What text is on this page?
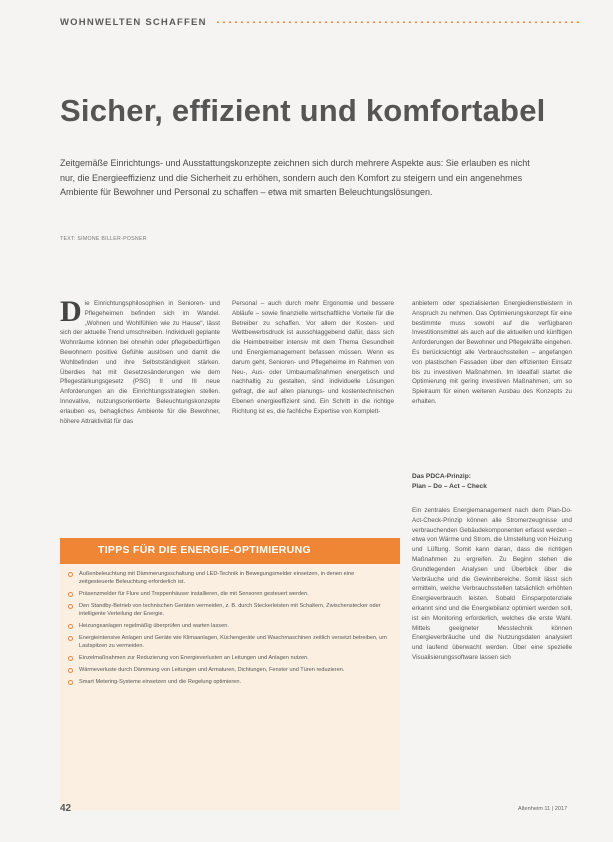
WOHNWELTEN SCHAFFEN
Sicher, effizient und komfortabel

Zeitgemäße Einrichtungs- und Ausstattungskonzepte zeichnen sich durch mehrere Aspekte aus: Sie erlauben es nicht nur, die Energieeffizienz und die Sicherheit zu erhöhen, sondern auch den Komfort zu steigern und ein angenehmes Ambiente für Bewohner und Personal zu schaffen – etwa mit smarten Beleuchtungslösungen.

TEXT: SIMONE BILLER-POSNER
D ie Einrichtungsphilosophien in Senioren- und Pflegeheimen befinden sich im Wandel. „Wohnen und Wohlfühlen wie zu Hause“, lässt sich der aktuelle Trend umschreiben. Individuell geplante Wohnräume können bei ohnehin oder pflegebedürftigen Bewohnern positive Gefühle auslösen und damit die Wohlbefinden und ihre Selbstständigkeit stärken. Überdies hat mit Gesetzesänderungen wie dem Pflegestärkungsgesetz (PSG) II und III neue Anforderungen an die Einrichtungsstrategien stellen. Innovative, nutzungsorientierte Beleuchtungskonzepte erlauben es, behagliches Ambiente für die Bewohner, höhere Attraktivität für das
Personal – auch durch mehr Ergonomie und bessere Abläufe – sowie finanzielle wirtschaftliche Vorteile für die Betreiber zu schaffen. Vor allem der Kosten- und Wettbewerbsdruck ist ausschlaggebend dafür, dass sich die Heimbetreiber intensiv mit dem Thema Gesundheit und Energiemanagement befassen müssen. Wenn es darum geht, Senioren- und Pflegeheime im Rahmen von Neu-, Aus- oder Umbaumaßnahmen energetisch und nachhaltig zu gestalten, sind individuelle Lösungen gefragt, die auf allen planungs- und kostentechnischen Ebenen energieeffizient sind. Ein Schritt in die richtige Richtung ist es, die fachliche Expertise von Komplett-
anbietern oder spezialisierten Energiedienstleistern in Anspruch zu nehmen. Das Optimierungskonzept für eine bestimmte muss sowohl auf die verfügbaren Investitionsmittel als auch auf die aktuellen und künftigen Anforderungen der Bewohner und Pflegekräfte eingehen. Es berücksichtigt alle Verbrauchsstellen – angefangen von plastischen Fassaden über den effizienten Einsatz bis zu investiven Maßnahmen. Im Idealfall startet die Optimierung mit gering investiven Maßnahmen, um so Spielraum für einen weiteren Ausbau des Konzepts zu erhalten.
Das PDCA-Prinzip:
Plan – Do – Act – Check
Ein zentrales Energiemanagement nach dem Plan-Do-Act-Check-Prinzip können alle Stromerzeugnisse und verbrauchenden Gebäudekomponenten erfasst werden – etwa von Wärme und Strom, die Umstellung von Heizung und Lüftung. Somit kann daran, dass die richtigen Maßnahmen zu ergreifen. Zu Beginn stehen die Grundlegenden Analysen und Überblick über die Verbräuche und die Gewinnbereiche. Somit lässt sich ermitteln, welche Verbrauchsstellen tatsächlich erhöhten Energieverbrauch leisten. Sobald Einsparpotenziale erkannt sind und die Energiebilanz optimiert werden soll, ist ein Monitoring erforderlich, welches die erste Wahl. Mittels geeigneter Messtechnik können Energieverbräuche und die Nutzungsdaten analysiert und laufend überwacht werden. Über eine spezielle Visualisierungssoftware lassen sich
TIPPS FÜR DIE ENERGIE-OPTIMIERUNG
Außenbeleuchtung mit Dämmerungsschaltung und LED-Technik in Bewegungsmelder einsetzen, in denen eine zeitgesteuerte Beleuchtung erforderlich ist.
Präsenzmelder für Flure und Treppenhäuser installieren, die mit Sensoren gesteuert werden.
Den Standby-Betrieb von technischen Geräten vermeiden, z. B. durch Steckerleisten mit Schaltern, Zwischenstecker oder intelligente Verteilung der Energie.
Heizungsanlagen regelmäßig überprüfen und warten lassen.
Energieintensive Anlagen und Geräte wie Klimaanlagen, Küchengeräte und Waschmaschinen zeitlich versetzt betreiben, um Lastspitzen zu vermeiden.
Einzelmaßnahmen zur Reduzierung von Energieverlusten an Leitungen und Anlagen nutzen.
Wärmeverluste durch Dämmung von Leitungen und Armaturen, Dichtungen, Fenster und Türen reduzieren.
Smart Metering-Systeme einsetzen und die Regelung optimieren.
42	Altenheim 11 | 2017
